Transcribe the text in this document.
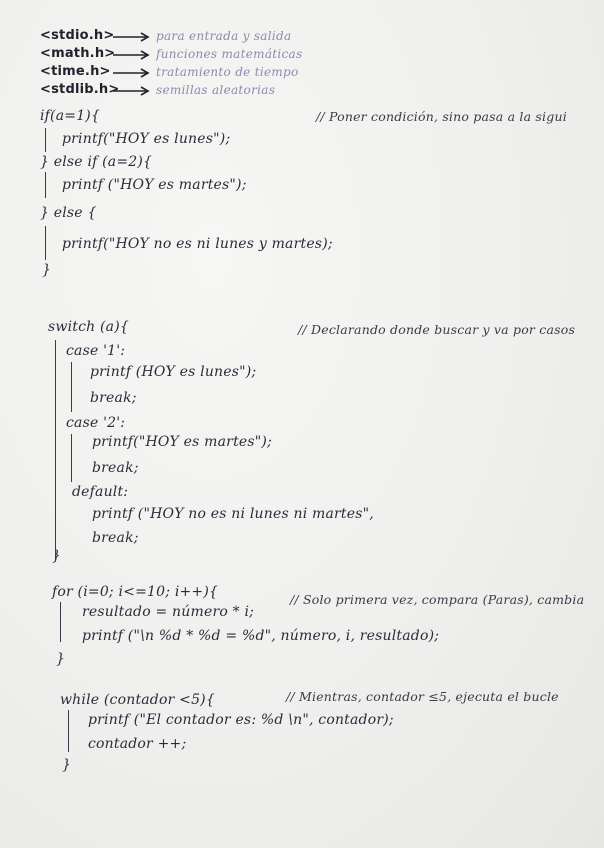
<stdio.h>	para entrada y salida
<math.h>	funciones matemáticas
<time.h>	tratamiento de tiempo
<stdlib.h>	semillas aleatorias
if(a=1){	// Poner condición, sino pasa a la sigui
printf("HOY es lunes");
} else if (a=2){
printf ("HOY es martes");
} else {
printf("HOY no es ni lunes y martes);
}
switch (a){	// Declarando donde buscar y va por casos
case '1':
printf (HOY es lunes");
break;
case '2':
printf("HOY es martes");
break;
default:
printf ("HOY no es ni lunes ni martes",
break;
}
for (i=0; i<=10; i++){	// Solo primera vez, compara (Paras), cambia
resultado = número * i;
printf ("\n %d * %d = %d", número, i, resultado);
}
while (contador <5){	// Mientras, contador ≤5, ejecuta el bucle
printf ("El contador es: %d \n", contador);
contador ++;
}
